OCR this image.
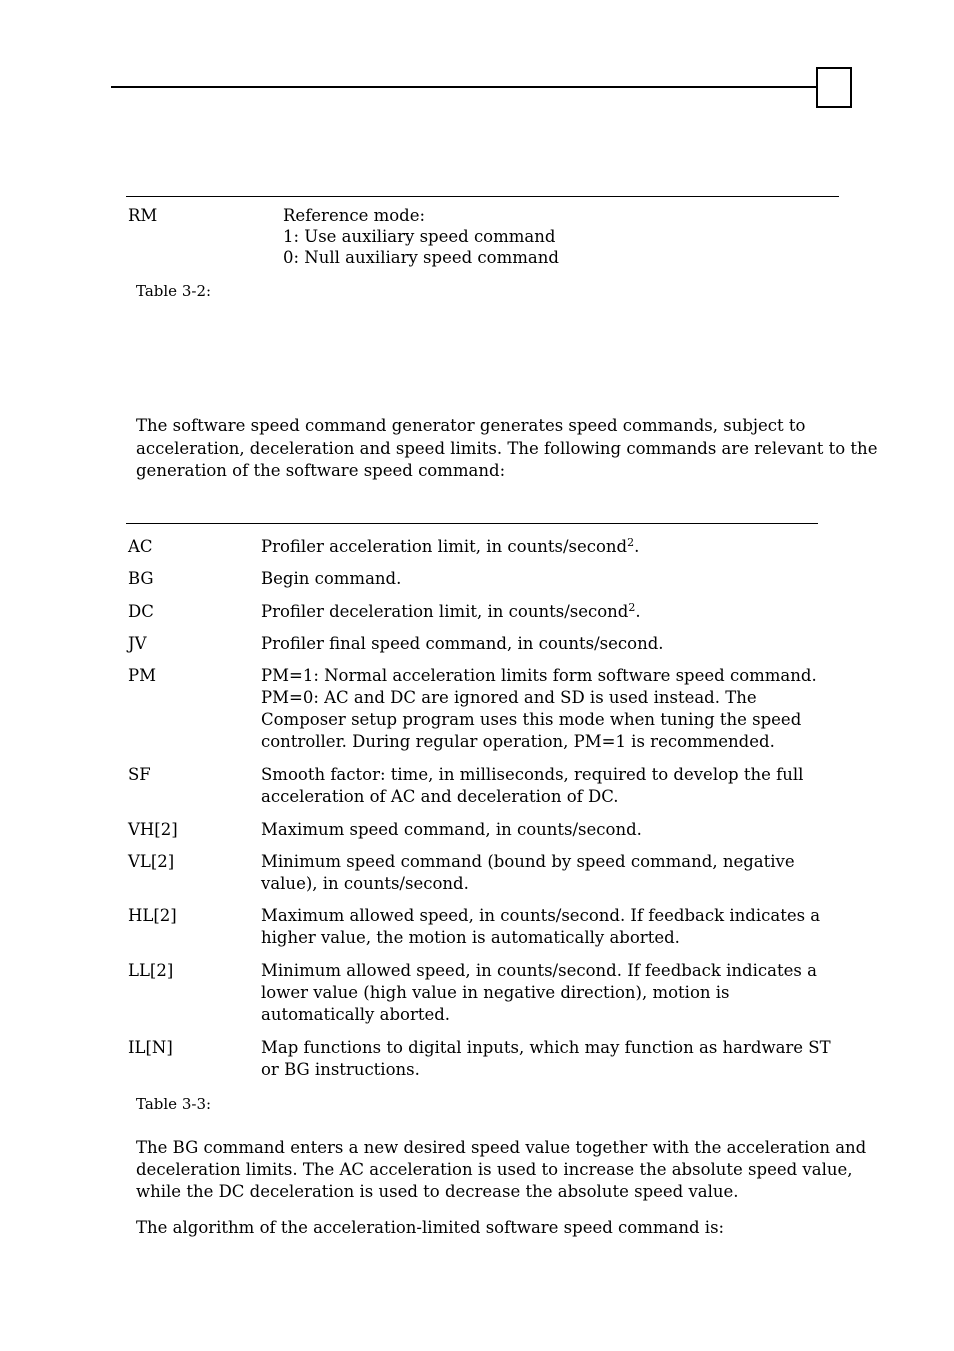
RM	Reference mode:
1: Use auxiliary speed command
0: Null auxiliary speed command
Table 3-2:
The software speed command generator generates speed commands, subject to
acceleration, deceleration and speed limits. The following commands are relevant to the
generation of the software speed command:
AC	Profiler acceleration limit, in counts/second$^2$.
BG	Begin command.
DC	Profiler deceleration limit, in counts/second$^2$.
JV	Profiler final speed command, in counts/second.
PM	PM=1: Normal acceleration limits form software speed command.
PM=0: AC and DC are ignored and SD is used instead. The
Composer setup program uses this mode when tuning the speed
controller. During regular operation, PM=1 is recommended.
SF	Smooth factor: time, in milliseconds, required to develop the full
acceleration of AC and deceleration of DC.
VH[2]	Maximum speed command, in counts/second.
VL[2]	Minimum speed command (bound by speed command, negative
value), in counts/second.
HL[2]	Maximum allowed speed, in counts/second. If feedback indicates a
higher value, the motion is automatically aborted.
LL[2]	Minimum allowed speed, in counts/second. If feedback indicates a
lower value (high value in negative direction), motion is
automatically aborted.
IL[N]	Map functions to digital inputs, which may function as hardware ST
or BG instructions.
Table 3-3:
The BG command enters a new desired speed value together with the acceleration and
deceleration limits. The AC acceleration is used to increase the absolute speed value,
while the DC deceleration is used to decrease the absolute speed value.
The algorithm of the acceleration-limited software speed command is:
